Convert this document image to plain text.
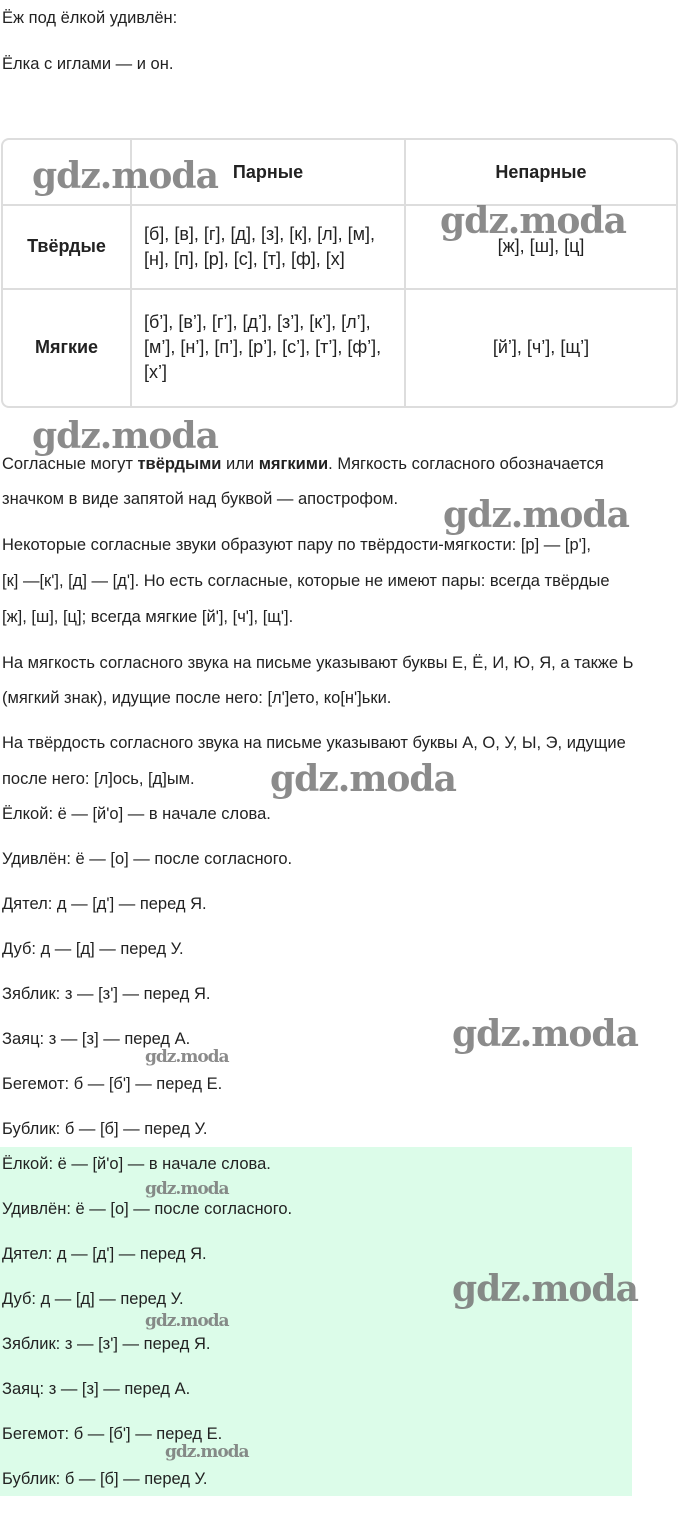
Ёж под ёлкой удивлён:
Ёлка с иглами — и он.
	Парные	Непарные
Твёрдые	[б], [в], [г], [д], [з], [к], [л], [м], [н], [п], [р], [с], [т], [ф], [х]	[ж], [ш], [ц]
Мягкие	[б’], [в’], [г’], [д’], [з’], [к’], [л’], [м’], [н’], [п’], [р’], [с’], [т’], [ф’], [х’]	[й’], [ч’], [щ’]
Согласные могут твёрдыми или мягкими. Мягкость согласного обозначается
значком в виде запятой над буквой — апострофом.
Некоторые согласные звуки образуют пару по твёрдости-мягкости: [р] — [р'],
[к] —[к'], [д] — [д']. Но есть согласные, которые не имеют пары: всегда твёрдые
[ж], [ш], [ц]; всегда мягкие [й'], [ч'], [щ'].
На мягкость согласного звука на письме указывают буквы Е, Ё, И, Ю, Я, а также Ь
(мягкий знак), идущие после него: [л']ето, ко[н']ьки.
На твёрдость согласного звука на письме указывают буквы А, О, У, Ы, Э, идущие
после него: [л]ось, [д]ым.
Ёлкой: ё — [й'о] — в начале слова.
Удивлён: ё — [о] — после согласного.
Дятел: д — [д'] — перед Я.
Дуб: д — [д] — перед У.
Зяблик: з — [з'] — перед Я.
Заяц: з — [з] — перед А.
Бегемот: б — [б'] — перед Е.
Бублик: б — [б] — перед У.
Ёлкой: ё — [й'о] — в начале слова.
Удивлён: ё — [о] — после согласного.
Дятел: д — [д'] — перед Я.
Дуб: д — [д] — перед У.
Зяблик: з — [з'] — перед Я.
Заяц: з — [з] — перед А.
Бегемот: б — [б'] — перед Е.
Бублик: б — [б] — перед У.
gdz.moda
gdz.moda
gdz.moda
gdz.moda
gdz.moda
gdz.moda
gdz.moda
gdz.moda
gdz.moda
gdz.moda
gdz.moda
